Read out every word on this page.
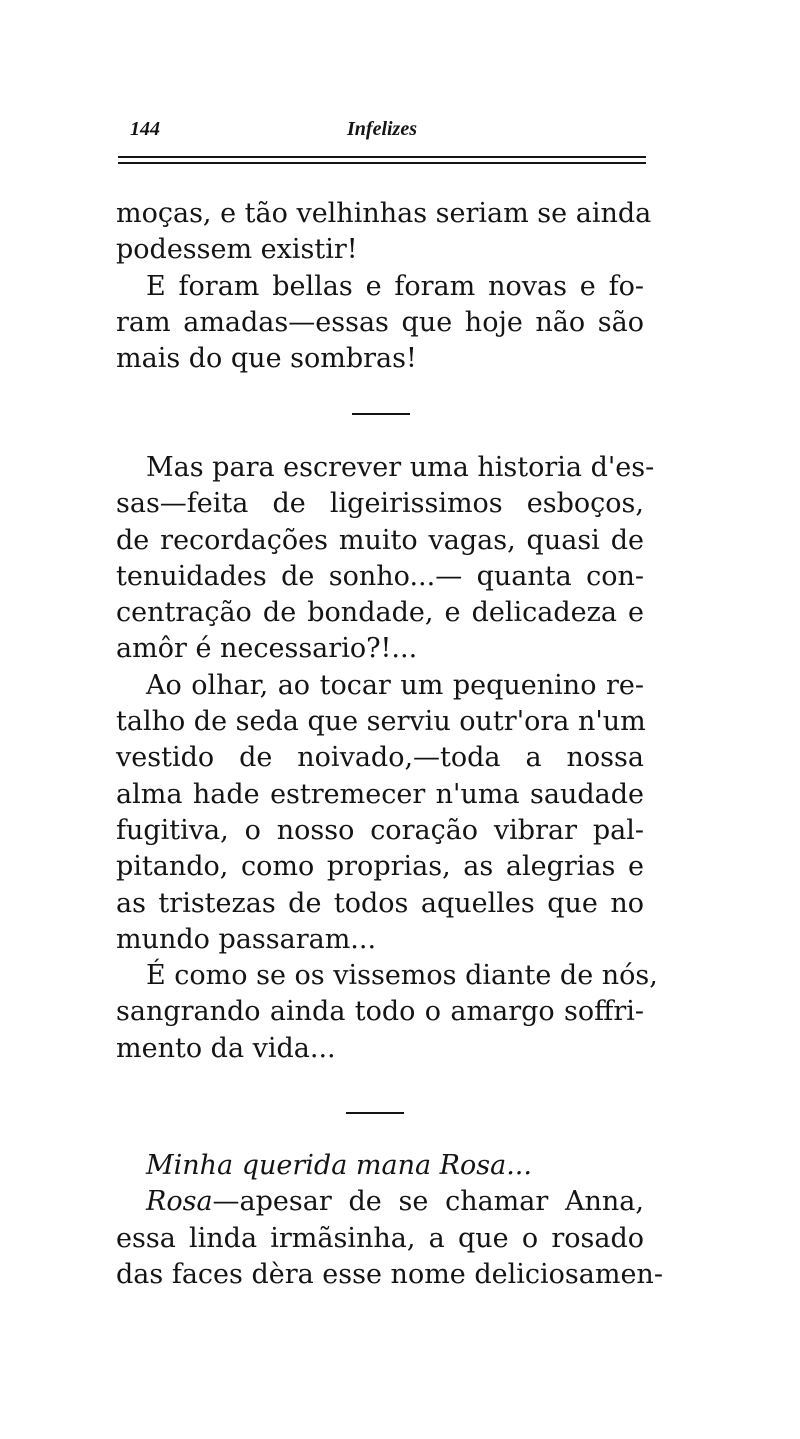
144	Infelizes
moças, e tão velhinhas seriam se ainda
podessem existir!
E foram bellas e foram novas e fo-
ram amadas—essas que hoje não são
mais do que sombras!
Mas para escrever uma historia d'es-
sas—feita de ligeirissimos esboços,
de recordações muito vagas, quasi de
tenuidades de sonho...— quanta con-
centração de bondade, e delicadeza e
amôr é necessario?!...
Ao olhar, ao tocar um pequenino re-
talho de seda que serviu outr'ora n'um
vestido de noivado,—toda a nossa
alma hade estremecer n'uma saudade
fugitiva, o nosso coração vibrar pal-
pitando, como proprias, as alegrias e
as tristezas de todos aquelles que no
mundo passaram...
É como se os vissemos diante de nós,
sangrando ainda todo o amargo soffri-
mento da vida...
Minha querida mana Rosa...
Rosa—apesar de se chamar Anna,
essa linda irmãsinha, a que o rosado
das faces dèra esse nome deliciosamen-
